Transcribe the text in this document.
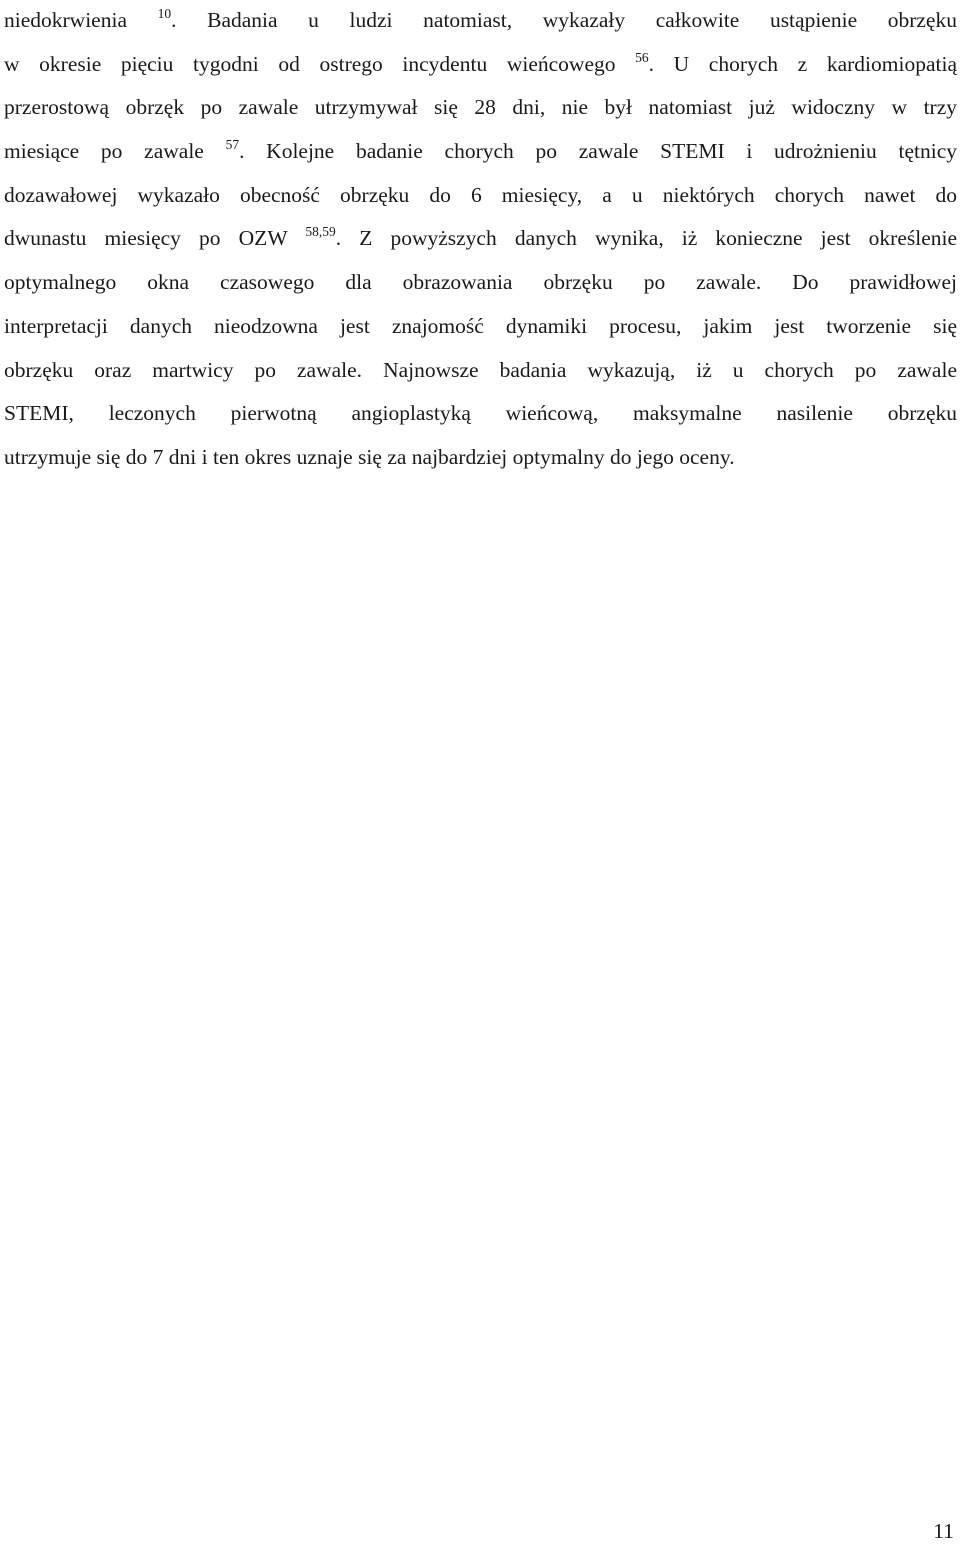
niedokrwienia $^{10}$. Badania u ludzi natomiast, wykazały całkowite ustąpienie obrzęku
w okresie pięciu tygodni od ostrego incydentu wieńcowego $^{56}$. U chorych z kardiomiopatią
przerostową obrzęk po zawale utrzymywał się 28 dni, nie był natomiast już widoczny w trzy
miesiące po zawale $^{57}$. Kolejne badanie chorych po zawale STEMI i udrożnieniu tętnicy
dozawałowej wykazało obecność obrzęku do 6 miesięcy, a u niektórych chorych nawet do
dwunastu miesięcy po OZW $^{58,59}$. Z powyższych danych wynika, iż konieczne jest określenie
optymalnego okna czasowego dla obrazowania obrzęku po zawale. Do prawidłowej
interpretacji danych nieodzowna jest znajomość dynamiki procesu, jakim jest tworzenie się
obrzęku oraz martwicy po zawale. Najnowsze badania wykazują, iż u chorych po zawale
STEMI, leczonych pierwotną angioplastyką wieńcową, maksymalne nasilenie obrzęku
utrzymuje się do 7 dni i ten okres uznaje się za najbardziej optymalny do jego oceny.
11
